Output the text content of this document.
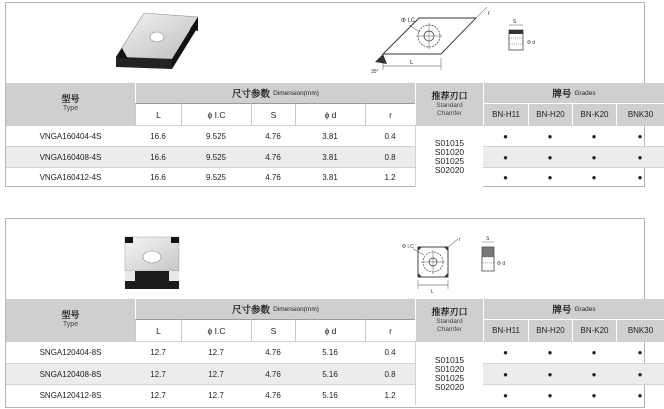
Φ I.C
r
L
35°
S
Φ d
型号
Type
尺寸参数 Dimension(mm)	推荐刃口
Standard
Chamfer
牌号 Grades
L	ϕ I.C	S	ϕ d	r	BN-H11	BN-H20	BN-K20	BNK30
S01015
S01020
S01025
S02020
VNGA160404-4S	16.6	9.525	4.76	3.81	0.4	●	●	●	●
VNGA160408-4S	16.6	9.525	4.76	3.81	0.8	●	●	●	●
VNGA160412-4S	16.6	9.525	4.76	3.81	1.2	●	●	●	●
Φ I.C
r
L
S
Φ d
型号
Type
尺寸参数 Dimension(mm)	推荐刃口
Standard
Chamfer
牌号 Grades
L	ϕ I.C	S	ϕ d	r	BN-H11	BN-H20	BN-K20	BNK30
S01015
S01020
S01025
S02020
SNGA120404-8S	12.7	12.7	4.76	5.16	0.4	●	●	●	●
SNGA120408-8S	12.7	12.7	4.76	5.16	0.8	●	●	●	●
SNGA120412-8S	12.7	12.7	4.76	5.16	1.2	●	●	●	●
